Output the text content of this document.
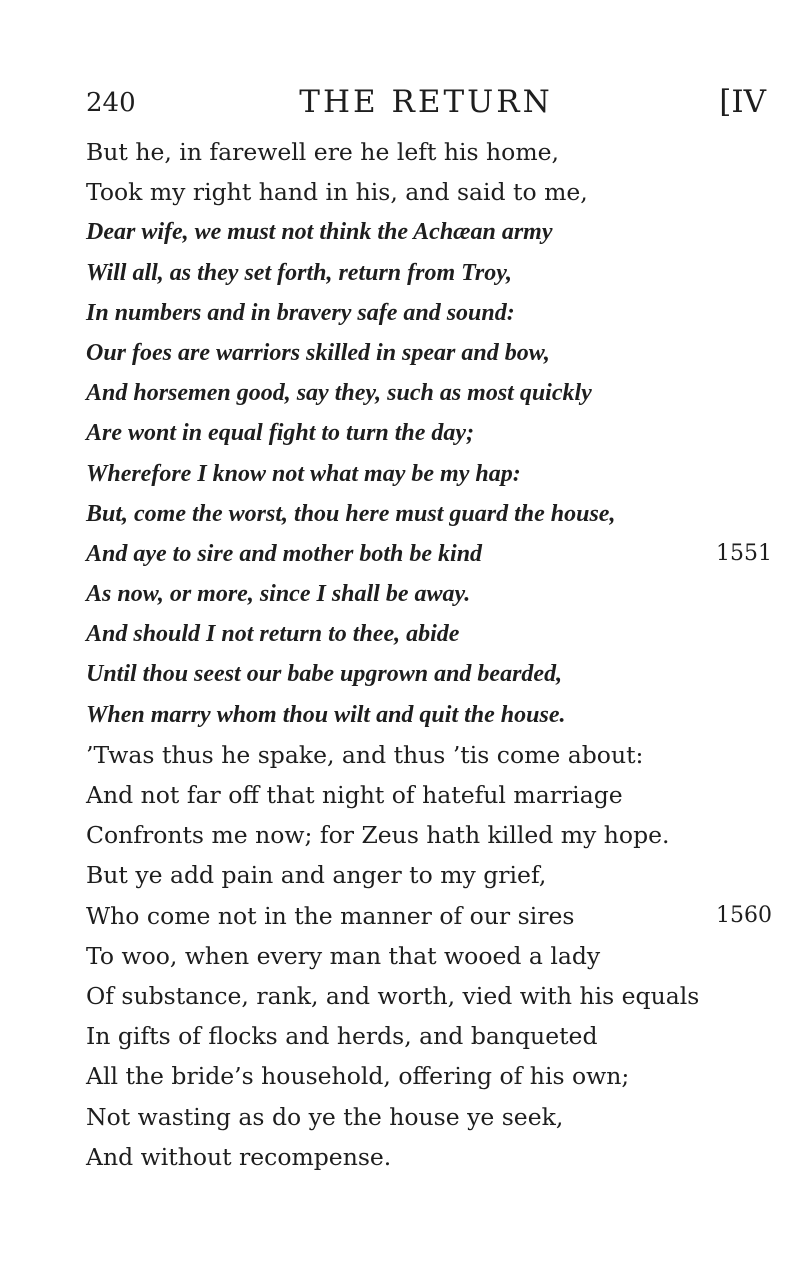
240	THE RETURN	[IV
But he, in farewell ere he left his home,
Took my right hand in his, and said to me,
Dear wife, we must not think the Achæan army
Will all, as they set forth, return from Troy,
In numbers and in bravery safe and sound:
Our foes are warriors skilled in spear and bow,
And horsemen good, say they, such as most quickly
Are wont in equal fight to turn the day;
Wherefore I know not what may be my hap:
But, come the worst, thou here must guard the house,
And aye to sire and mother both be kind	1551
As now, or more, since I shall be away.
And should I not return to thee, abide
Until thou seest our babe upgrown and bearded,
When marry whom thou wilt and quit the house.
’Twas thus he spake, and thus ’tis come about:
And not far off that night of hateful marriage
Confronts me now; for Zeus hath killed my hope.
But ye add pain and anger to my grief,
Who come not in the manner of our sires	1560
To woo, when every man that wooed a lady
Of substance, rank, and worth, vied with his equals
In gifts of flocks and herds, and banqueted
All the bride’s household, offering of his own;
Not wasting as do ye the house ye seek,
And without recompense.
